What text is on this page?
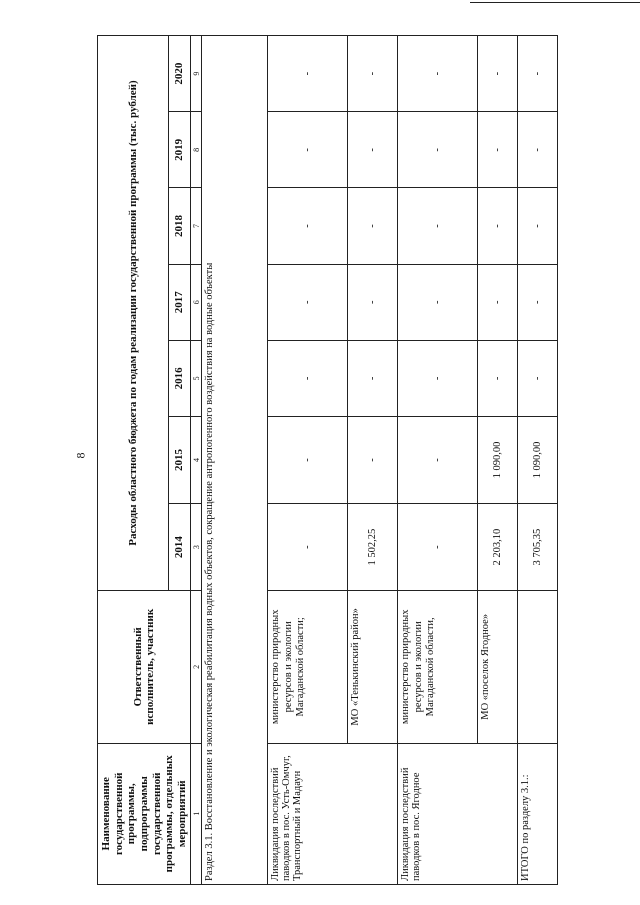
8
Наименование государственной программы, подпрограммы государственной программы, отдельных мероприятий	Ответственный исполнитель, участник	Расходы областного бюджета по годам реализации государственной программы (тыс. рублей)						
		2014	2015	2016	2017	2018	2019	2020
1	2	3	4	5	6	7	8	9
Раздел 3.1. Восстановление и экологическая реабилитация водных объектов, сокращение антропогенного воздействия на водные объекты								
Ликвидация последствий паводков в пос. Усть-Омчуг, Транспортный и Мадаун	министерство природных ресурсов и экологии Магаданской области;	-	-	-	-	-	-	-
	МО «Тенькинский район»	1 502,25	-	-	-	-	-	-
Ликвидация последствий паводков в пос. Ягодное	министерство природных ресурсов и экологии Магаданской области,	-	-	-	-	-	-	-
	МО «поселок Ягодное»	2 203,10	1 090,00	-	-	-	-	-
ИТОГО по разделу 3.1.:		3 705,35	1 090,00	-	-	-	-	-
